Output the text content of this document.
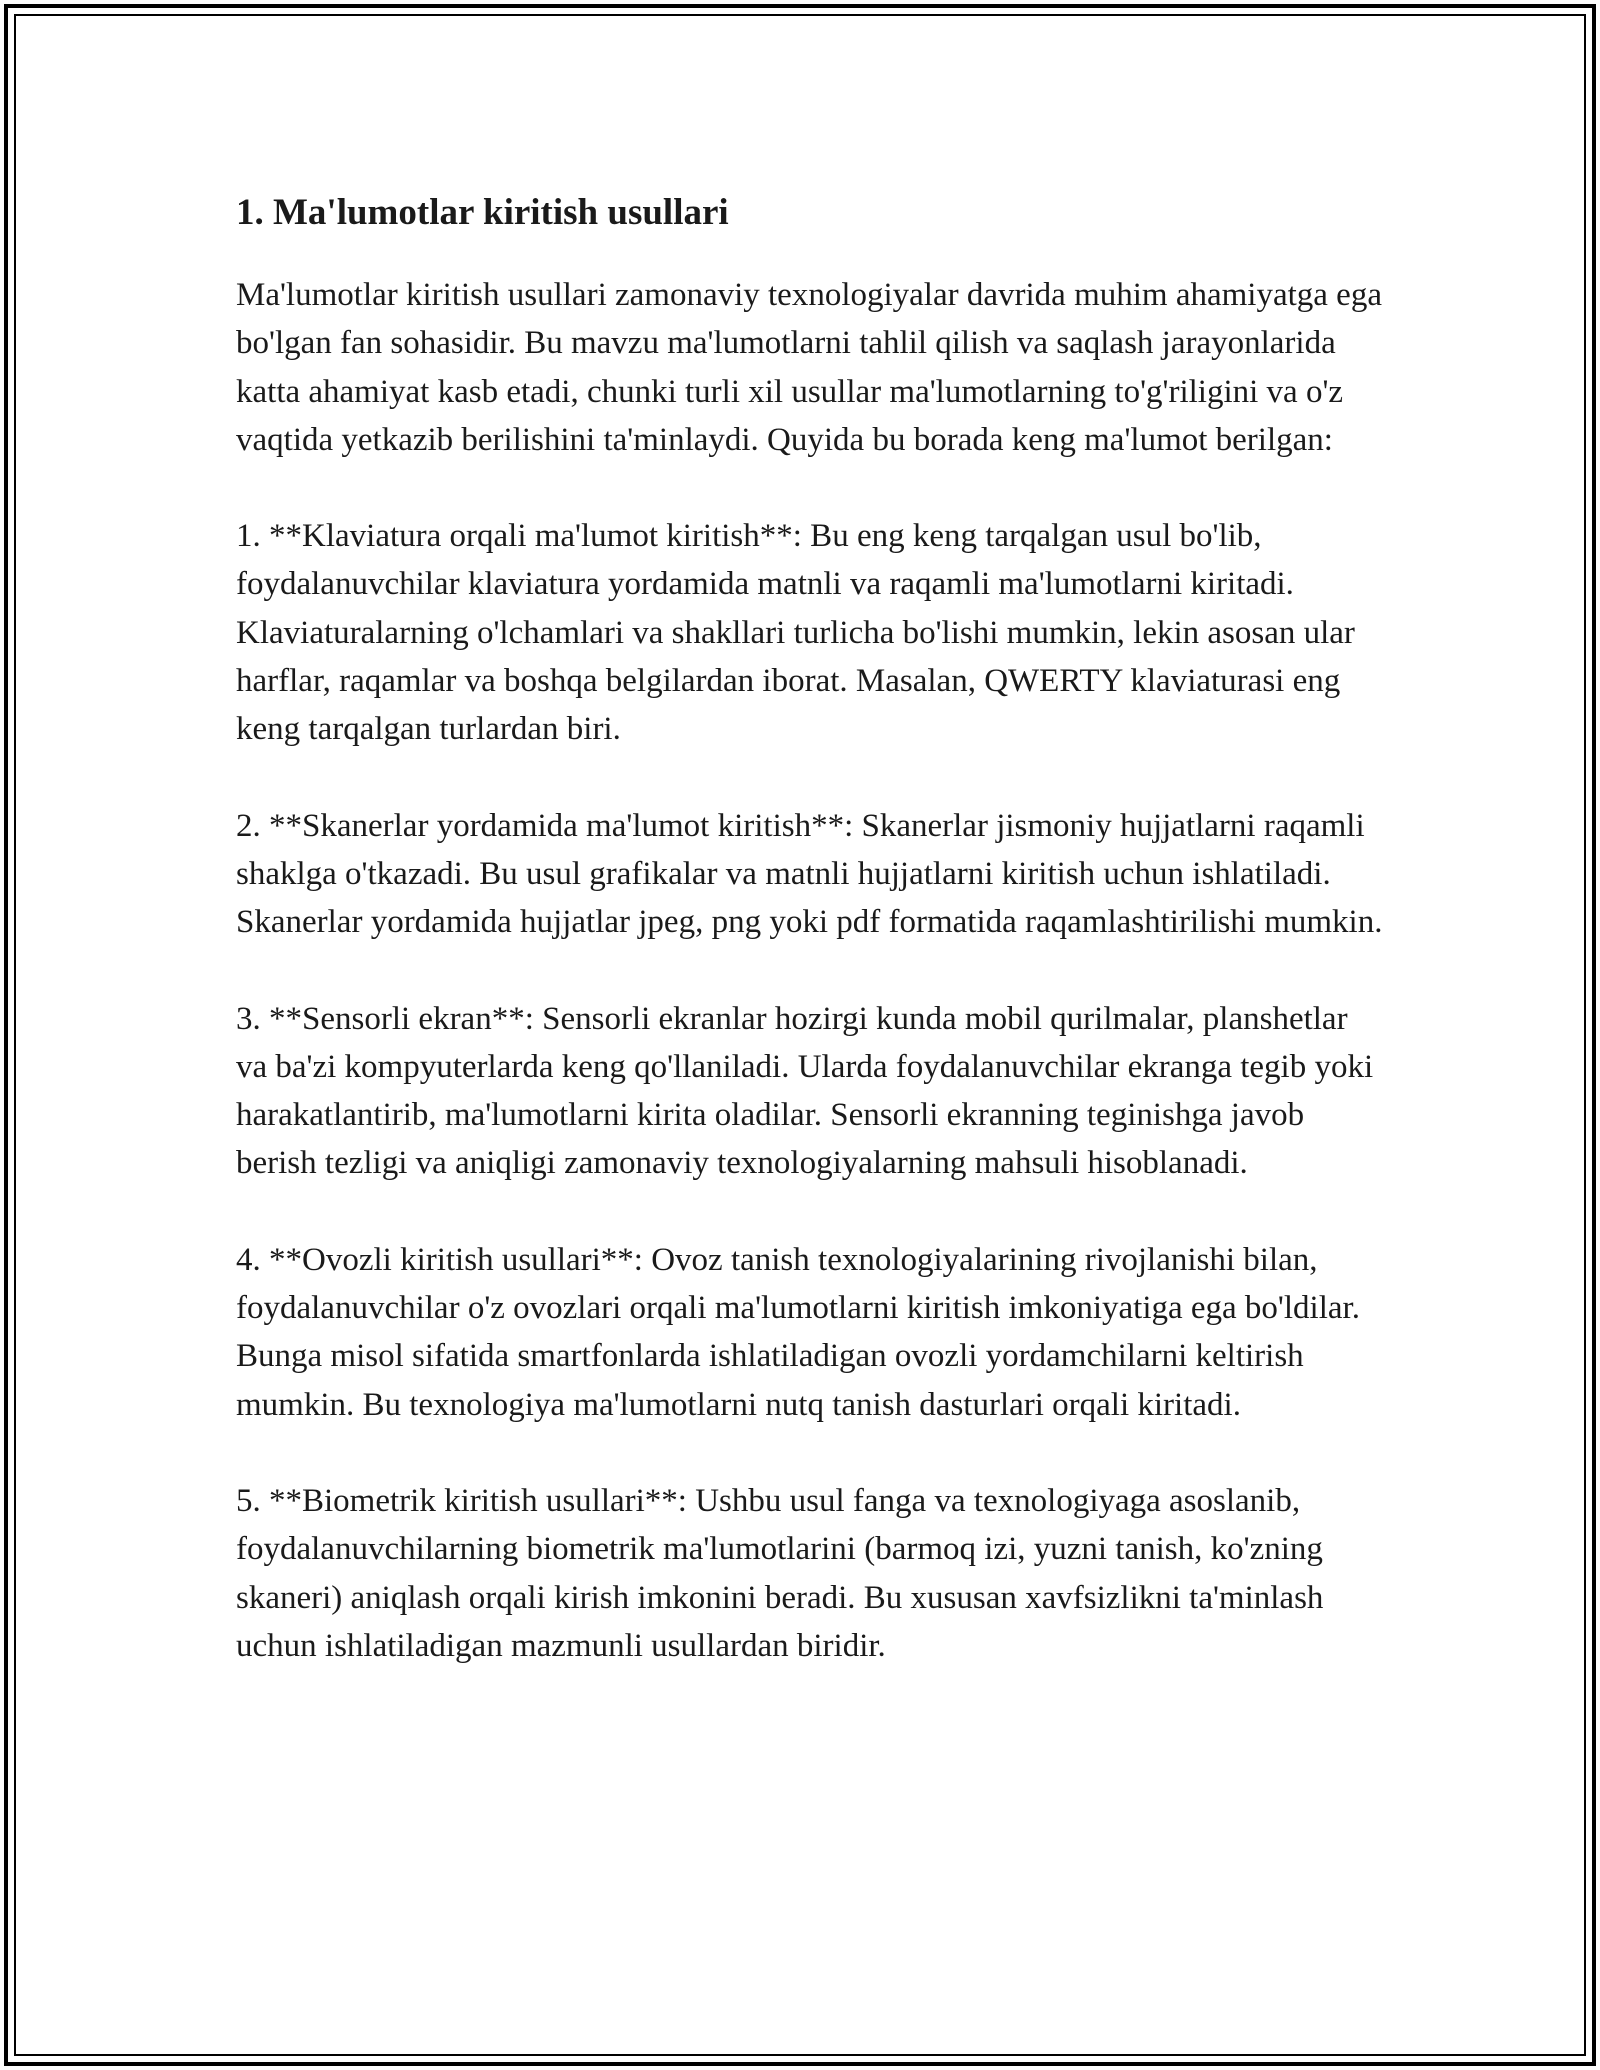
1. Ma'lumotlar kiritish usullari

Ma'lumotlar kiritish usullari zamonaviy texnologiyalar davrida muhim ahamiyatga ega bo'lgan fan sohasidir. Bu mavzu ma'lumotlarni tahlil qilish va saqlash jarayonlarida katta ahamiyat kasb etadi, chunki turli xil usullar ma'lumotlarning to'g'riligini va o'z vaqtida yetkazib berilishini ta'minlaydi. Quyida bu borada keng ma'lumot berilgan:

1. **Klaviatura orqali ma'lumot kiritish**: Bu eng keng tarqalgan usul bo'lib, foydalanuvchilar klaviatura yordamida matnli va raqamli ma'lumotlarni kiritadi. Klaviaturalarning o'lchamlari va shakllari turlicha bo'lishi mumkin, lekin asosan ular harflar, raqamlar va boshqa belgilardan iborat. Masalan, QWERTY klaviaturasi eng keng tarqalgan turlardan biri.

2. **Skanerlar yordamida ma'lumot kiritish**: Skanerlar jismoniy hujjatlarni raqamli shaklga o'tkazadi. Bu usul grafikalar va matnli hujjatlarni kiritish uchun ishlatiladi. Skanerlar yordamida hujjatlar jpeg, png yoki pdf formatida raqamlashtirilishi mumkin.

3. **Sensorli ekran**: Sensorli ekranlar hozirgi kunda mobil qurilmalar, planshetlar va ba'zi kompyuterlarda keng qo'llaniladi. Ularda foydalanuvchilar ekranga tegib yoki harakatlantirib, ma'lumotlarni kirita oladilar. Sensorli ekranning teginishga javob berish tezligi va aniqligi zamonaviy texnologiyalarning mahsuli hisoblanadi.

4. **Ovozli kiritish usullari**: Ovoz tanish texnologiyalarining rivojlanishi bilan, foydalanuvchilar o'z ovozlari orqali ma'lumotlarni kiritish imkoniyatiga ega bo'ldilar. Bunga misol sifatida smartfonlarda ishlatiladigan ovozli yordamchilarni keltirish mumkin. Bu texnologiya ma'lumotlarni nutq tanish dasturlari orqali kiritadi.

5. **Biometrik kiritish usullari**: Ushbu usul fanga va texnologiyaga asoslanib, foydalanuvchilarning biometrik ma'lumotlarini (barmoq izi, yuzni tanish, ko'zning skaneri) aniqlash orqali kirish imkonini beradi. Bu xususan xavfsizlikni ta'minlash uchun ishlatiladigan mazmunli usullardan biridir.
